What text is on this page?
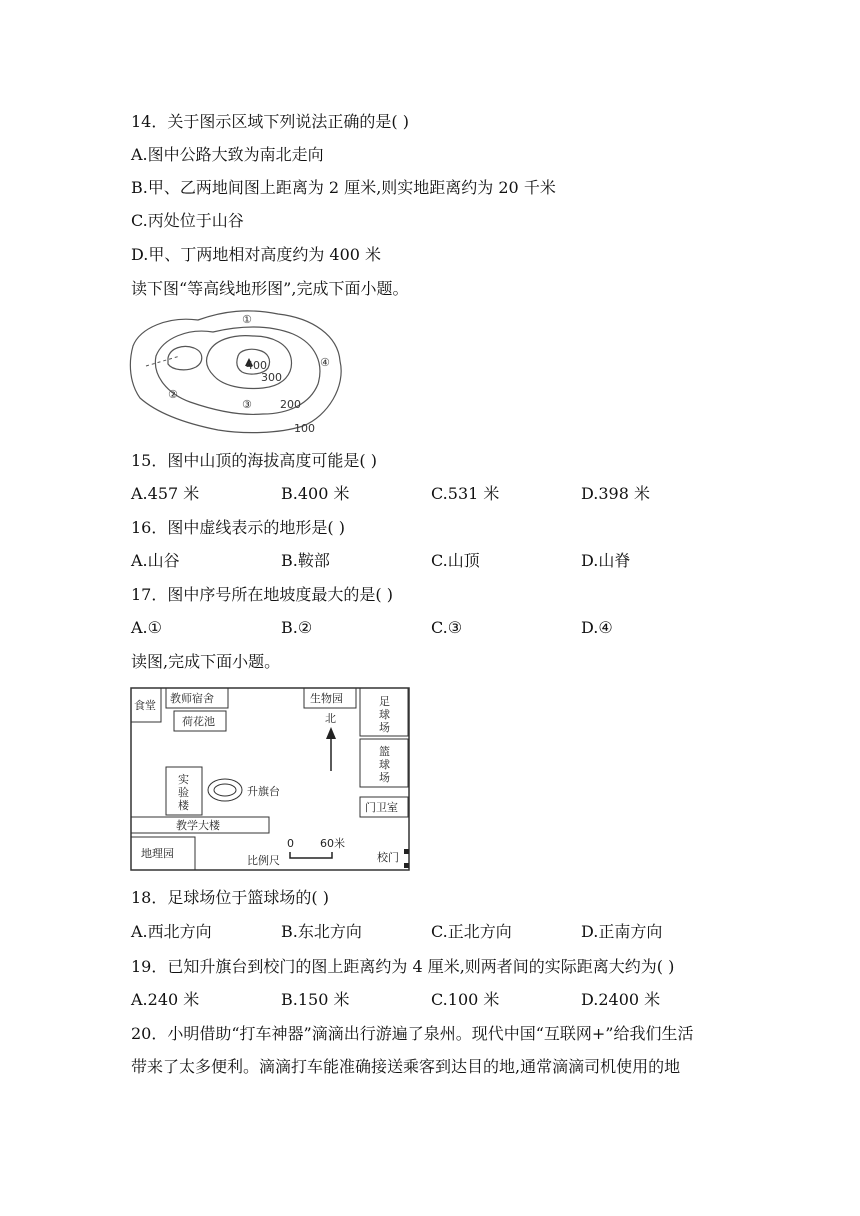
14．关于图示区域下列说法正确的是( )
A.图中公路大致为南北走向
B.甲、乙两地间图上距离为 2 厘米,则实地距离约为 20 千米
C.丙处位于山谷
D.甲、丁两地相对高度约为 400 米
读下图“等高线地形图”,完成下面小题。
400
300
200
100
①
②
③
④
15．图中山顶的海拔高度可能是( )
A.457 米	B.400 米	C.531 米	D.398 米
16．图中虚线表示的地形是( )
A.山谷	B.鞍部	C.山顶	D.山脊
17．图中序号所在地坡度最大的是( )
A.①	B.②	C.③	D.④
读图,完成下面小题。
食堂
教师宿舍
荷花池
生物园
北
足
球
场
篮
球
场
实
验
楼
升旗台
门卫室
教学大楼
地理园
0 60米
比例尺	校门
18．足球场位于篮球场的( )
A.西北方向	B.东北方向	C.正北方向	D.正南方向
19．已知升旗台到校门的图上距离约为 4 厘米,则两者间的实际距离大约为( )
A.240 米	B.150 米	C.100 米	D.2400 米
20．小明借助“打车神器”滴滴出行游遍了泉州。现代中国“互联网+”给我们生活
带来了太多便利。滴滴打车能准确接送乘客到达目的地,通常滴滴司机使用的地
